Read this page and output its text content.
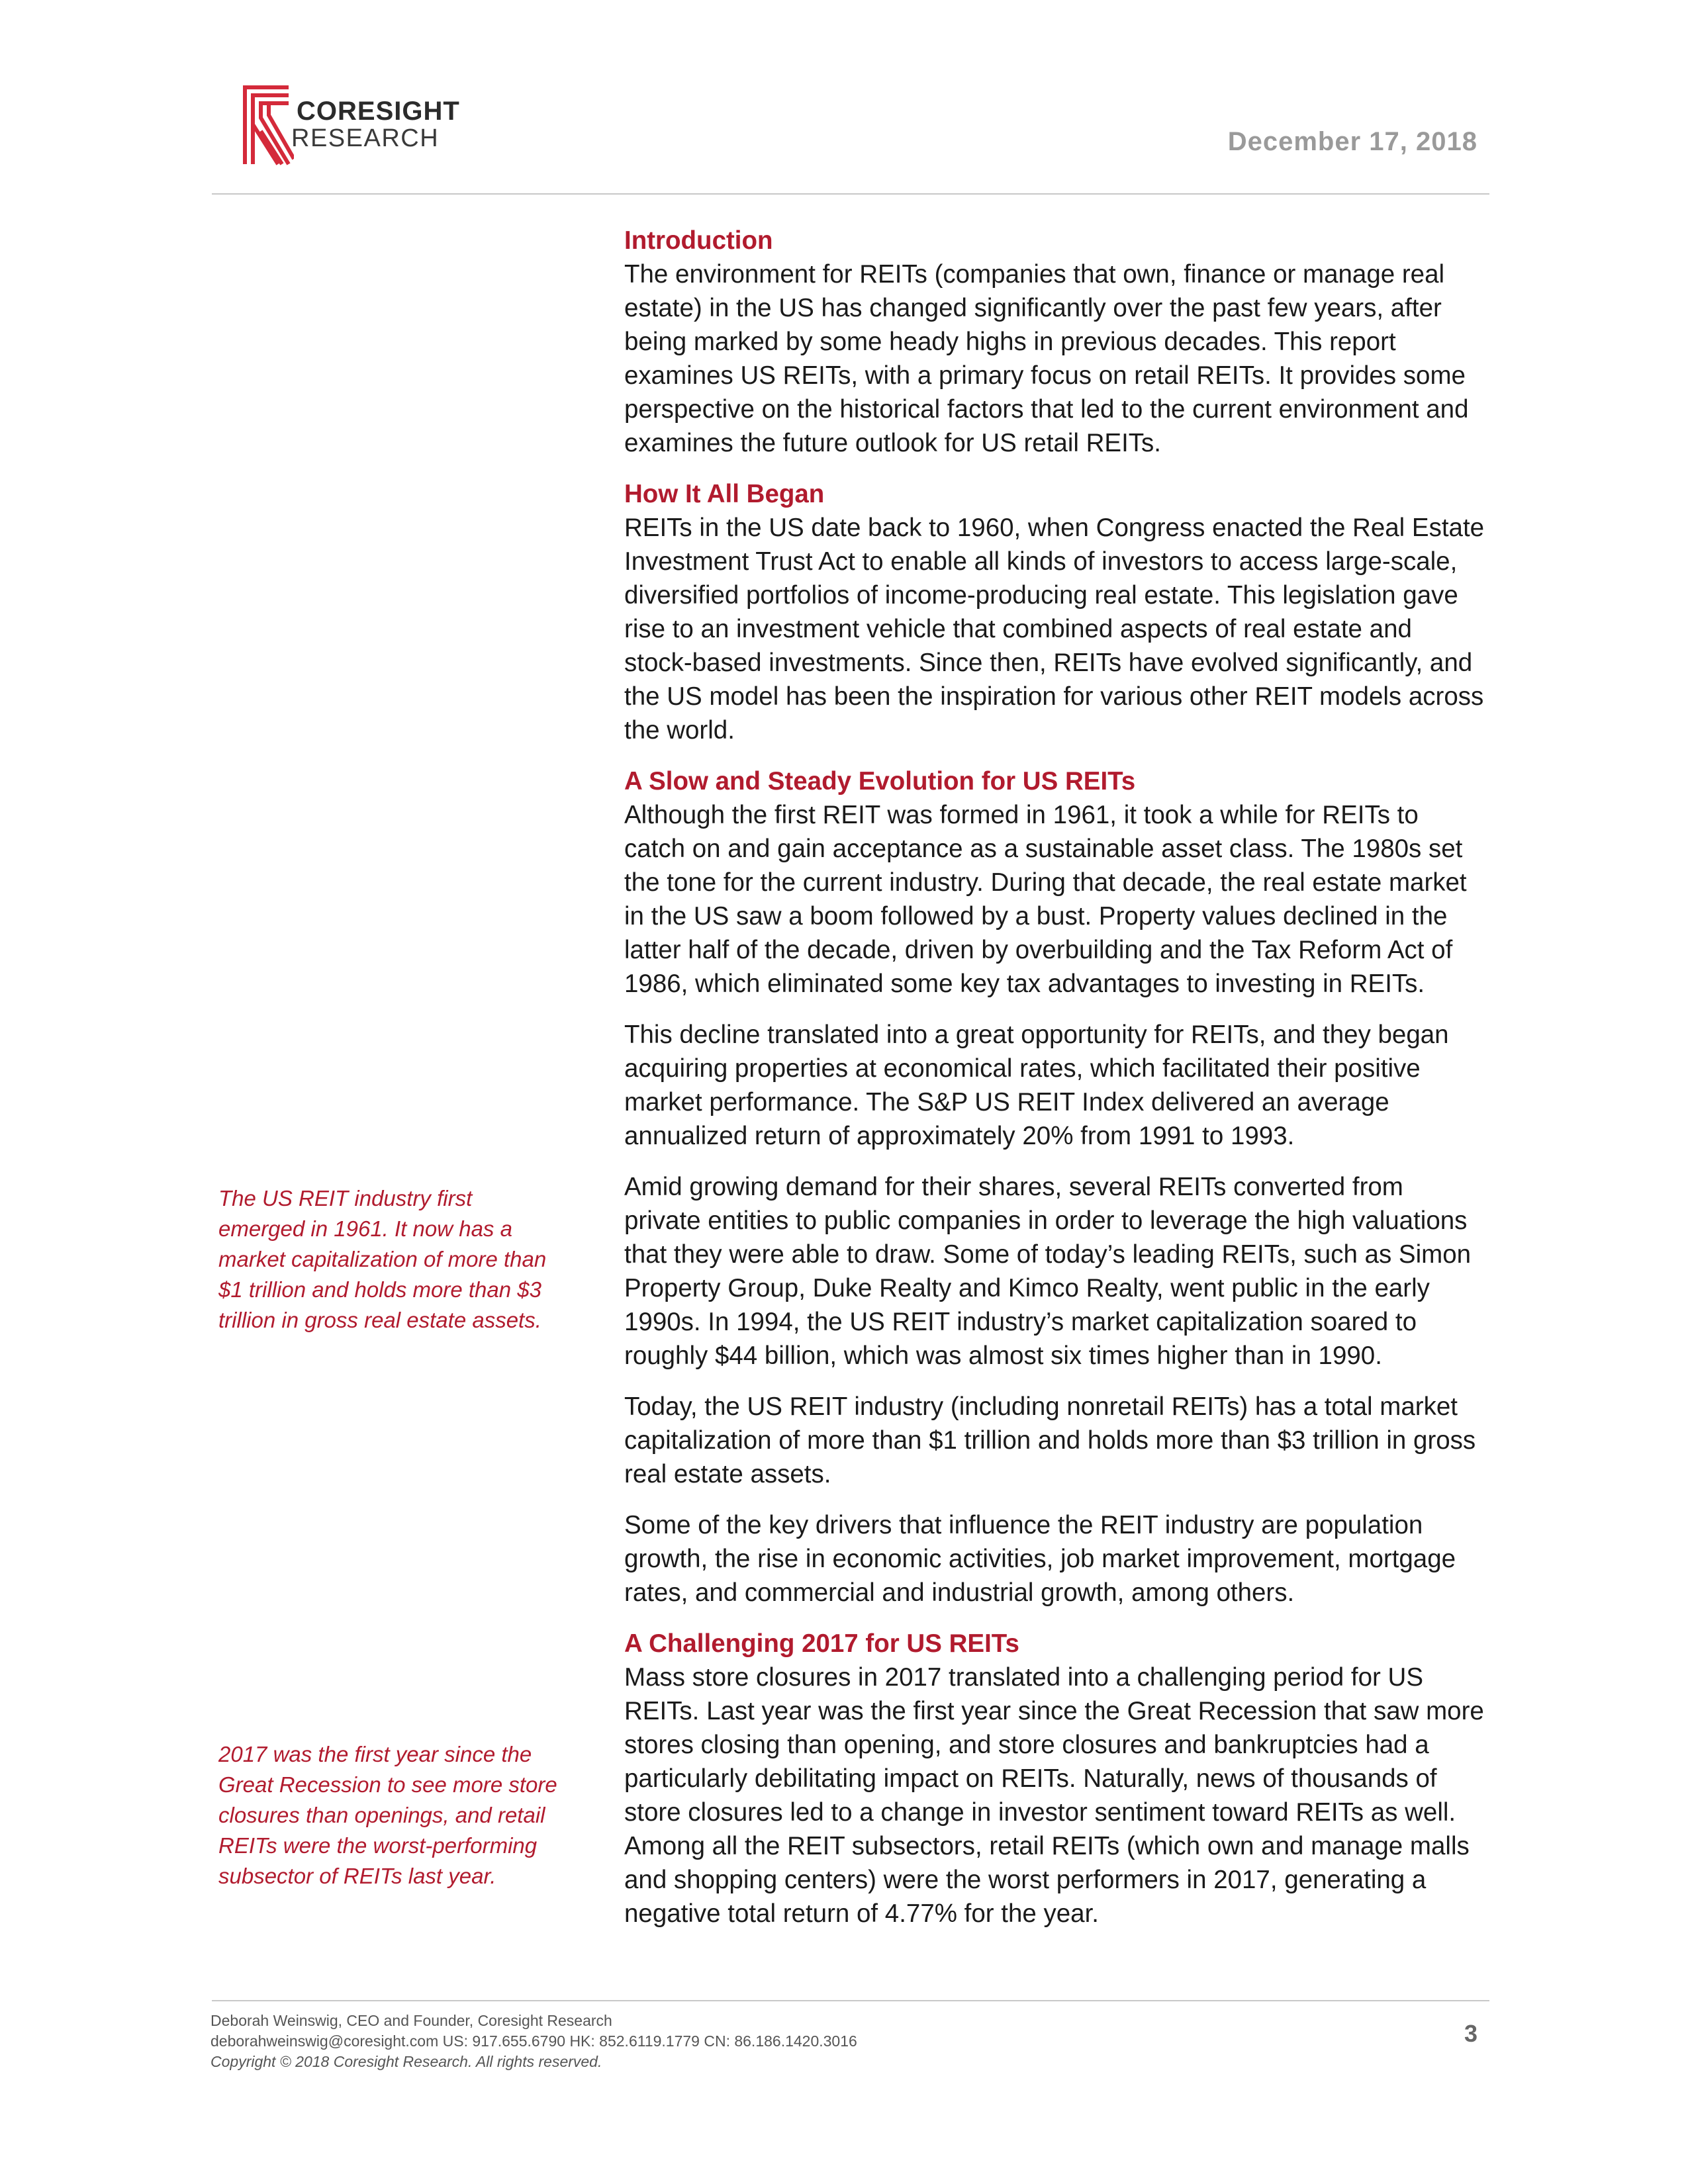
CORESIGHT
RESEARCH	December 17, 2018
Introduction

The environment for REITs (companies that own, finance or manage real estate) in the US has changed significantly over the past few years, after being marked by some heady highs in previous decades. This report examines US REITs, with a primary focus on retail REITs. It provides some perspective on the historical factors that led to the current environment and examines the future outlook for US retail REITs.

How It All Began

REITs in the US date back to 1960, when Congress enacted the Real Estate Investment Trust Act to enable all kinds of investors to access large-scale, diversified portfolios of income-producing real estate. This legislation gave rise to an investment vehicle that combined aspects of real estate and stock-based investments. Since then, REITs have evolved significantly, and the US model has been the inspiration for various other REIT models across the world.

A Slow and Steady Evolution for US REITs

Although the first REIT was formed in 1961, it took a while for REITs to catch on and gain acceptance as a sustainable asset class. The 1980s set the tone for the current industry. During that decade, the real estate market in the US saw a boom followed by a bust. Property values declined in the latter half of the decade, driven by overbuilding and the Tax Reform Act of 1986, which eliminated some key tax advantages to investing in REITs.

This decline translated into a great opportunity for REITs, and they began acquiring properties at economical rates, which facilitated their positive market performance. The S&P US REIT Index delivered an average annualized return of approximately 20% from 1991 to 1993.

Amid growing demand for their shares, several REITs converted from private entities to public companies in order to leverage the high valuations that they were able to draw. Some of today’s leading REITs, such as Simon Property Group, Duke Realty and Kimco Realty, went public in the early 1990s. In 1994, the US REIT industry’s market capitalization soared to roughly $44 billion, which was almost six times higher than in 1990.

Today, the US REIT industry (including nonretail REITs) has a total market capitalization of more than $1 trillion and holds more than $3 trillion in gross real estate assets.

Some of the key drivers that influence the REIT industry are population growth, the rise in economic activities, job market improvement, mortgage rates, and commercial and industrial growth, among others.

A Challenging 2017 for US REITs

Mass store closures in 2017 translated into a challenging period for US REITs. Last year was the first year since the Great Recession that saw more stores closing than opening, and store closures and bankruptcies had a particularly debilitating impact on REITs. Naturally, news of thousands of store closures led to a change in investor sentiment toward REITs as well. Among all the REIT subsectors, retail REITs (which own and manage malls and shopping centers) were the worst performers in 2017, generating a negative total return of 4.77% for the year.

The US REIT industry first emerged in 1961. It now has a market capitalization of more than $1 trillion and holds more than $3 trillion in gross real estate assets.
2017 was the first year since the Great Recession to see more store closures than openings, and retail REITs were the worst-performing subsector of REITs last year.
Deborah Weinswig, CEO and Founder, Coresight Research
deborahweinswig@coresight.com US: 917.655.6790 HK: 852.6119.1779 CN: 86.186.1420.3016
Copyright © 2018 Coresight Research. All rights reserved.
3
